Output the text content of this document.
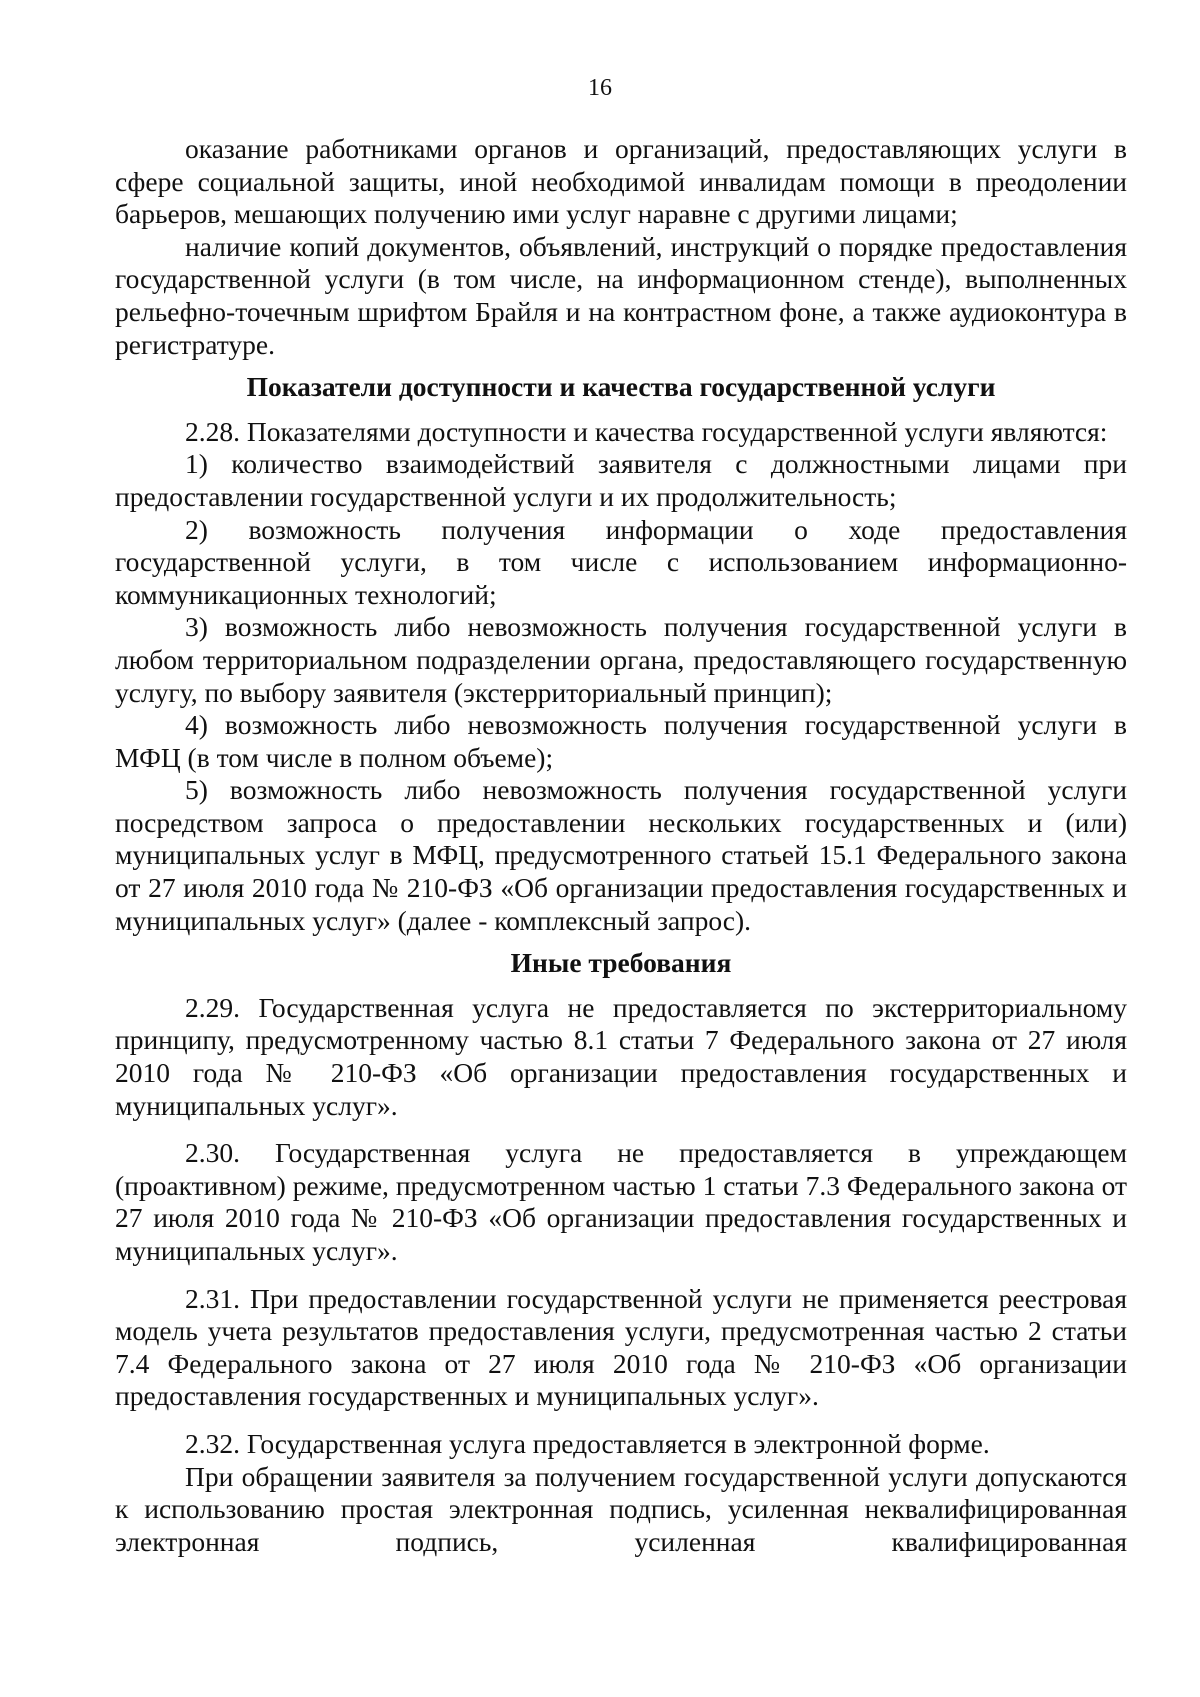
16

оказание работниками органов и организаций, предоставляющих услуги в сфере социальной защиты, иной необходимой инвалидам помощи в преодолении барьеров, мешающих получению ими услуг наравне с другими лицами;

наличие копий документов, объявлений, инструкций о порядке предоставления государственной услуги (в том числе, на информационном стенде), выполненных рельефно-точечным шрифтом Брайля и на контрастном фоне, а также аудиоконтура в регистратуре.

Показатели доступности и качества государственной услуги

2.28. Показателями доступности и качества государственной услуги являются:

1) количество взаимодействий заявителя с должностными лицами при предоставлении государственной услуги и их продолжительность;

2) возможность получения информации о ходе предоставления государственной услуги, в том числе с использованием информационно-коммуникационных технологий;

3) возможность либо невозможность получения государственной услуги в любом территориальном подразделении органа, предоставляющего государственную услугу, по выбору заявителя (экстерриториальный принцип);

4) возможность либо невозможность получения государственной услуги в МФЦ (в том числе в полном объеме);

5) возможность либо невозможность получения государственной услуги посредством запроса о предоставлении нескольких государственных и (или) муниципальных услуг в МФЦ, предусмотренного статьей 15.1 Федерального закона от 27 июля 2010 года № 210-ФЗ «Об организации предоставления государственных и муниципальных услуг» (далее - комплексный запрос).

Иные требования

2.29. Государственная услуга не предоставляется по экстерриториальному принципу, предусмотренному частью 8.1 статьи 7 Федерального закона от 27 июля 2010 года № 210-ФЗ «Об организации предоставления государственных и муниципальных услуг».

2.30. Государственная услуга не предоставляется в упреждающем (проактивном) режиме, предусмотренном частью 1 статьи 7.3 Федерального закона от 27 июля 2010 года № 210-ФЗ «Об организации предоставления государственных и муниципальных услуг».

2.31. При предоставлении государственной услуги не применяется реестровая модель учета результатов предоставления услуги, предусмотренная частью 2 статьи 7.4 Федерального закона от 27 июля 2010 года № 210-ФЗ «Об организации предоставления государственных и муниципальных услуг».

2.32. Государственная услуга предоставляется в электронной форме.

При обращении заявителя за получением государственной услуги допускаются к использованию простая электронная подпись, усиленная неквалифицированная электронная подпись, усиленная квалифицированная
